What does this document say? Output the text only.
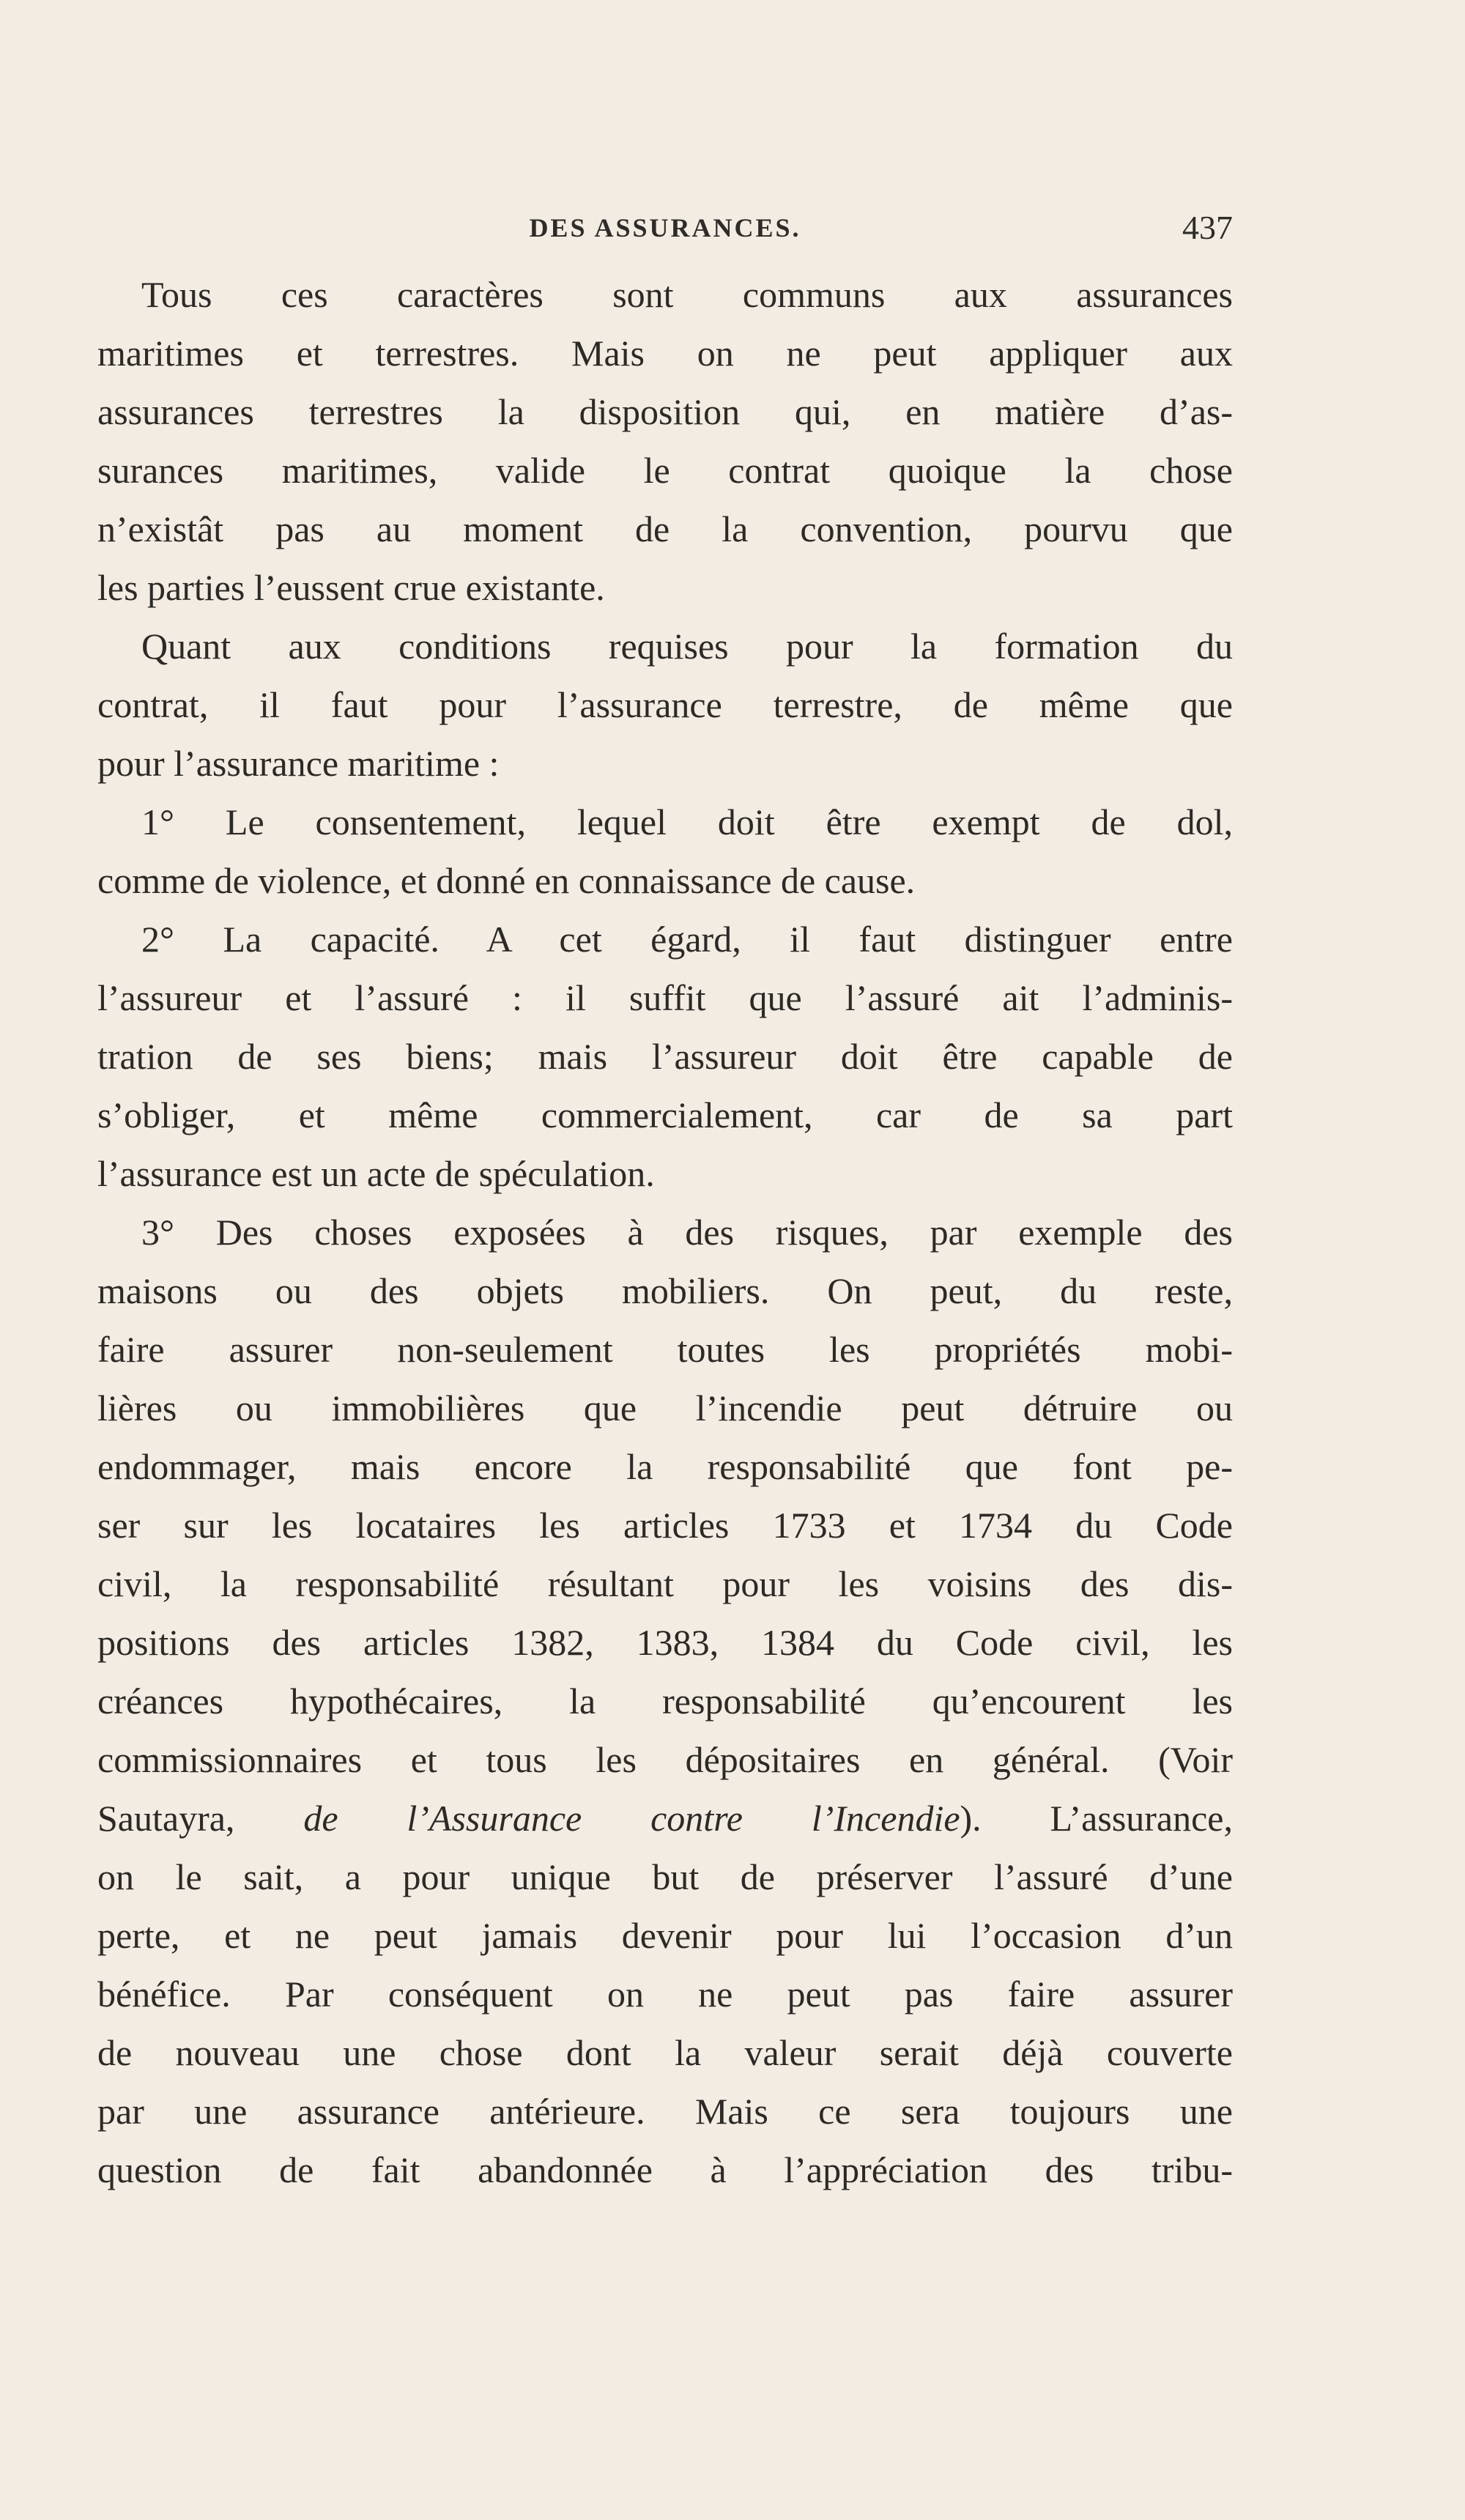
DES ASSURANCES.	437
Tous ces caractères sont communs aux assurances
maritimes et terrestres. Mais on ne peut appliquer aux
assurances terrestres la disposition qui, en matière d’as-
surances maritimes, valide le contrat quoique la chose
n’existât pas au moment de la convention, pourvu que
les parties l’eussent crue existante.
Quant aux conditions requises pour la formation du
contrat, il faut pour l’assurance terrestre, de même que
pour l’assurance maritime :
1° Le consentement, lequel doit être exempt de dol,
comme de violence, et donné en connaissance de cause.
2° La capacité. A cet égard, il faut distinguer entre
l’assureur et l’assuré : il suffit que l’assuré ait l’adminis-
tration de ses biens; mais l’assureur doit être capable de
s’obliger, et même commercialement, car de sa part
l’assurance est un acte de spéculation.
3° Des choses exposées à des risques, par exemple des
maisons ou des objets mobiliers. On peut, du reste,
faire assurer non-seulement toutes les propriétés mobi-
lières ou immobilières que l’incendie peut détruire ou
endommager, mais encore la responsabilité que font pe-
ser sur les locataires les articles 1733 et 1734 du Code
civil, la responsabilité résultant pour les voisins des dis-
positions des articles 1382, 1383, 1384 du Code civil, les
créances hypothécaires, la responsabilité qu’encourent les
commissionnaires et tous les dépositaires en général. (Voir
Sautayra, de l’Assurance contre l’Incendie). L’assurance,
on le sait, a pour unique but de préserver l’assuré d’une
perte, et ne peut jamais devenir pour lui l’occasion d’un
bénéfice. Par conséquent on ne peut pas faire assurer
de nouveau une chose dont la valeur serait déjà couverte
par une assurance antérieure. Mais ce sera toujours une
question de fait abandonnée à l’appréciation des tribu-
